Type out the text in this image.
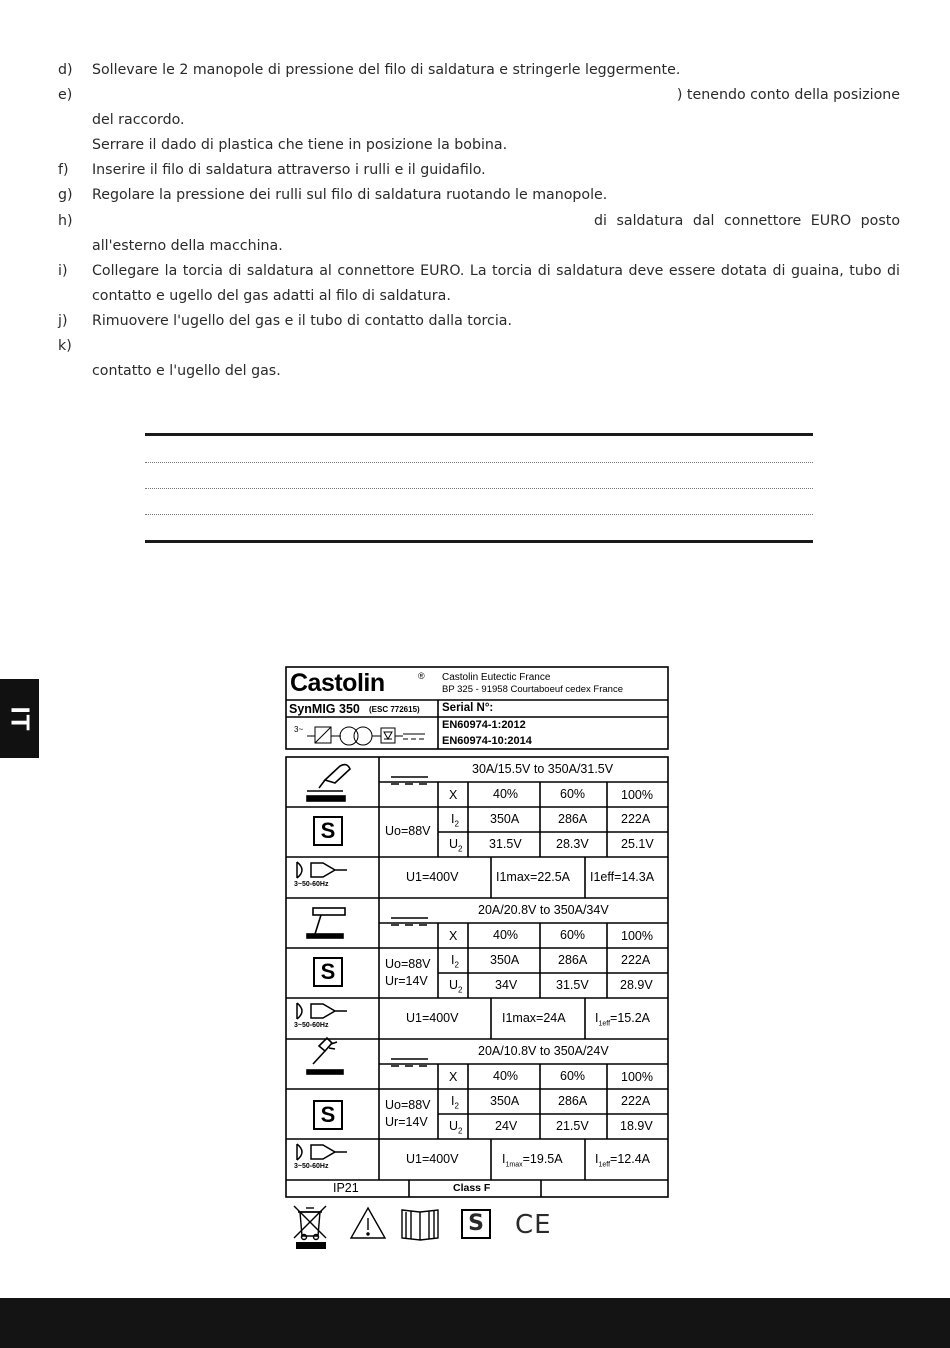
d)	Sollevare le 2 manopole di pressione del filo di saldatura e stringerle leggermente.
e)	) tenendo conto della posizione
del raccordo.
Serrare il dado di plastica che tiene in posizione la bobina.
f)	Inserire il filo di saldatura attraverso i rulli e il guidafilo.
g)	Regolare la pressione dei rulli sul filo di saldatura ruotando le manopole.
h)	di saldatura dal connettore EURO posto
all'esterno della macchina.
i)	Collegare la torcia di saldatura al connettore EURO. La torcia di saldatura deve essere dotata di guaina, tubo di
contatto e ugello del gas adatti al filo di saldatura.
j)	Rimuovere l'ugello del gas e il tubo di contatto dalla torcia.
k)
contatto e l'ugello del gas.
IT
Castolin	® Castolin Eutectic France
BP 325 - 91958 Courtaboeuf cedex France
SynMIG 350 (ESC 772615) Serial N°:
EN60974-1:2012
EN60974-10:2014
3~
30A/15.5V to 350A/31.5V
X	40%	60%	100%
$I_2$ 350A	286A	222A
$U_2$ 31.5V	28.3V	25.1V
Uo=88V
S
3~50-60Hz
U1=400V	I1max=22.5A I1eff=14.3A
20A/20.8V to 350A/34V
X	40%	60%	100%
$I_2$ 350A	286A	222A
$U_2$	34V	31.5V	28.9V
Uo=88V
Ur=14V
S
3~50-60Hz
U1=400V	I1max=24A $I_{1eff}=15.2A$
20A/10.8V to 350A/24V
X	40%	60%	100%
$I_2$ 350A	286A	222A
$U_2$	24V	21.5V	18.9V
Uo=88V
Ur=14V
S
3~50-60Hz
U1=400V	$I_{1max}=19.5A$	$I_{1eff}=12.4A$
IP21	Class F
S CE
